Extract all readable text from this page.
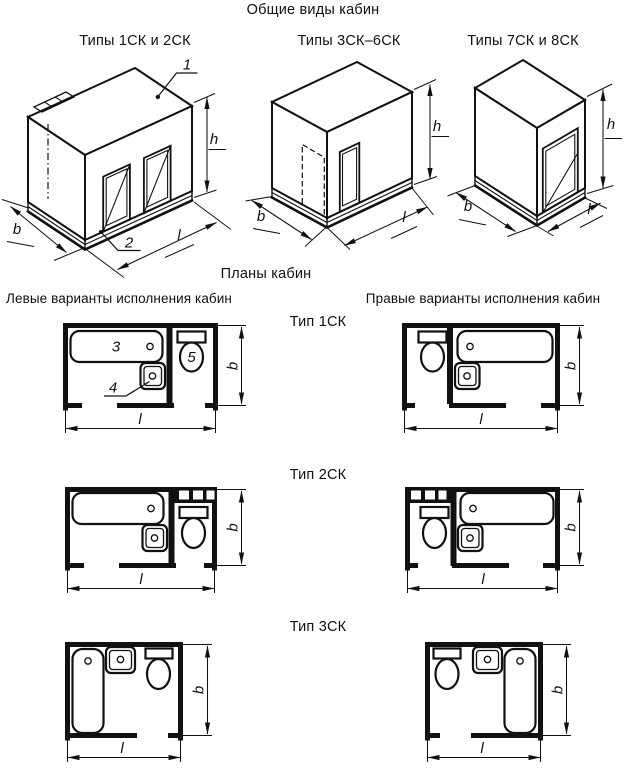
h
b	l
1
2
h
b	l
h
b	l
3
4
5 b
l
b
l
b
l
b
l
b
l
b
l
Общие виды кабин
Типы 1СК и 2СК	Типы 3СК–6СК	Типы 7СК и 8СК
Планы кабин
Левые варианты исполнения кабин	Правые варианты исполнения кабин
Тип 1СК
Тип 2СК
Тип 3СК
